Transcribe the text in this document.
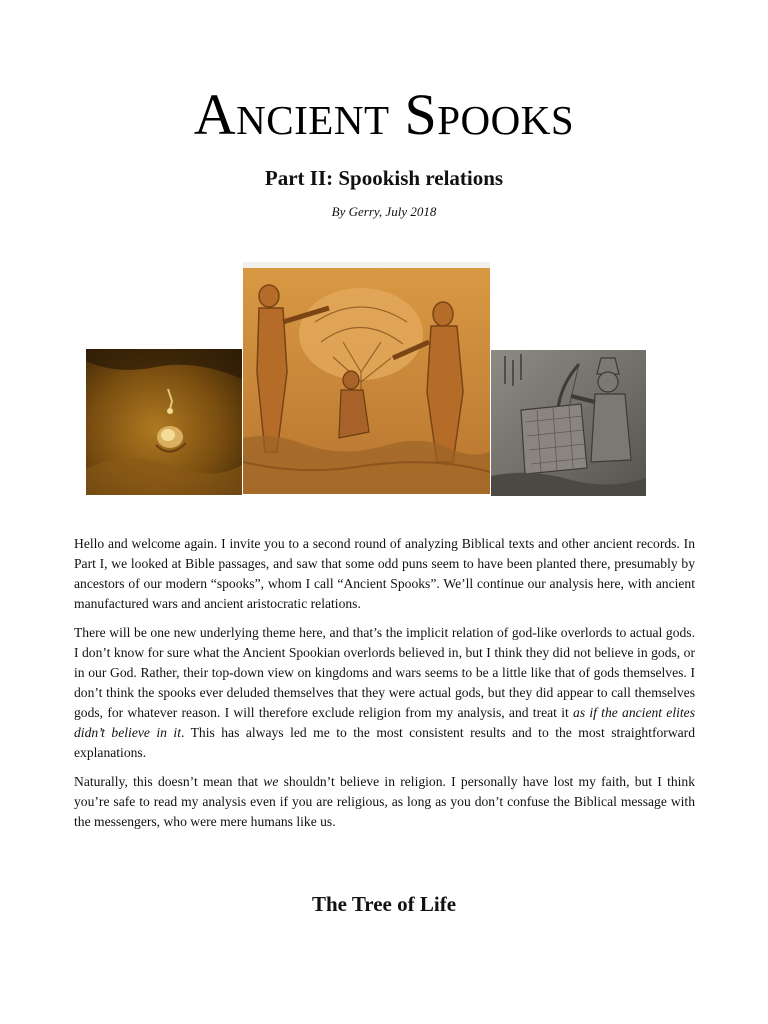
Ancient Spooks
Part II: Spookish relations
By Gerry, July 2018

Hello and welcome again. I invite you to a second round of analyzing Biblical texts and other ancient records. In Part I, we looked at Bible passages, and saw that some odd puns seem to have been planted there, presumably by ancestors of our modern “spooks”, whom I call “Ancient Spooks”. We’ll continue our analysis here, with ancient manufactured wars and ancient aristocratic relations.

There will be one new underlying theme here, and that’s the implicit relation of god-like overlords to actual gods. I don’t know for sure what the Ancient Spookian overlords believed in, but I think they did not believe in gods, or in our God. Rather, their top-down view on kingdoms and wars seems to be a little like that of gods themselves. I don’t think the spooks ever deluded themselves that they were actual gods, but they did appear to call themselves gods, for whatever reason. I will therefore exclude religion from my analysis, and treat it as if the ancient elites didn’t believe in it. This has always led me to the most consistent results and to the most straightforward explanations.

Naturally, this doesn’t mean that we shouldn’t believe in religion. I personally have lost my faith, but I think you’re safe to read my analysis even if you are religious, as long as you don’t confuse the Biblical message with the messengers, who were mere humans like us.

The Tree of Life
